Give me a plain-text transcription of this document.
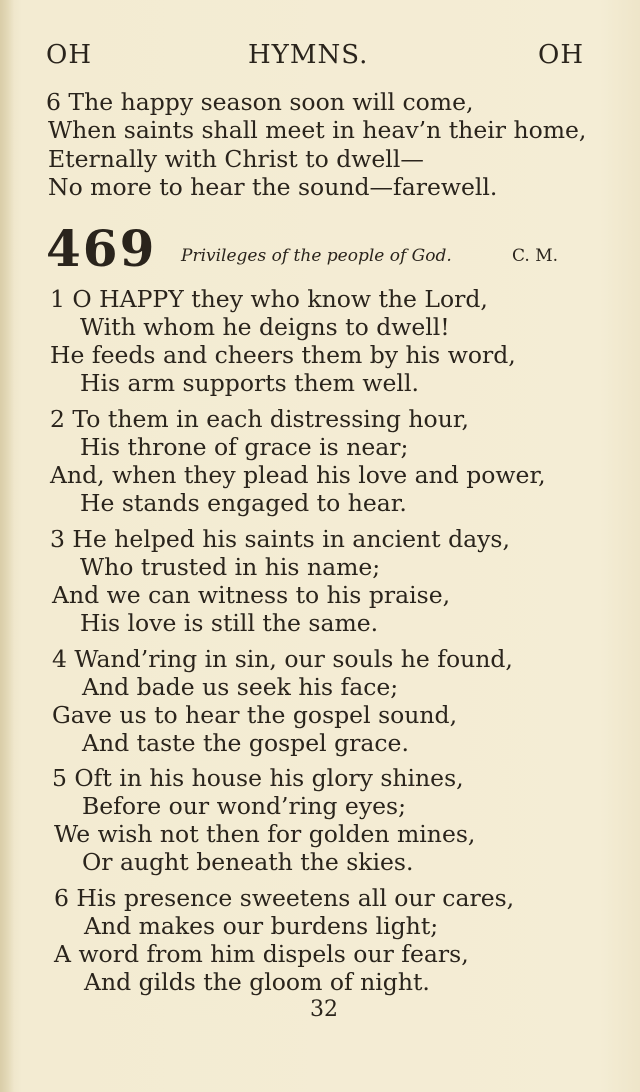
OH	HYMNS.	OH
6 The happy season soon will come,
When saints shall meet in heav’n their home,
Eternally with Christ to dwell—
No more to hear the sound—farewell.
469 Privileges of the people of God.	C. M.
1 O HAPPY they who know the Lord,
With whom he deigns to dwell!
He feeds and cheers them by his word,
His arm supports them well.
2 To them in each distressing hour,
His throne of grace is near;
And, when they plead his love and power,
He stands engaged to hear.
3 He helped his saints in ancient days,
Who trusted in his name;
And we can witness to his praise,
His love is still the same.
4 Wand’ring in sin, our souls he found,
And bade us seek his face;
Gave us to hear the gospel sound,
And taste the gospel grace.
5 Oft in his house his glory shines,
Before our wond’ring eyes;
We wish not then for golden mines,
Or aught beneath the skies.
6 His presence sweetens all our cares,
And makes our burdens light;
A word from him dispels our fears,
And gilds the gloom of night.
32
